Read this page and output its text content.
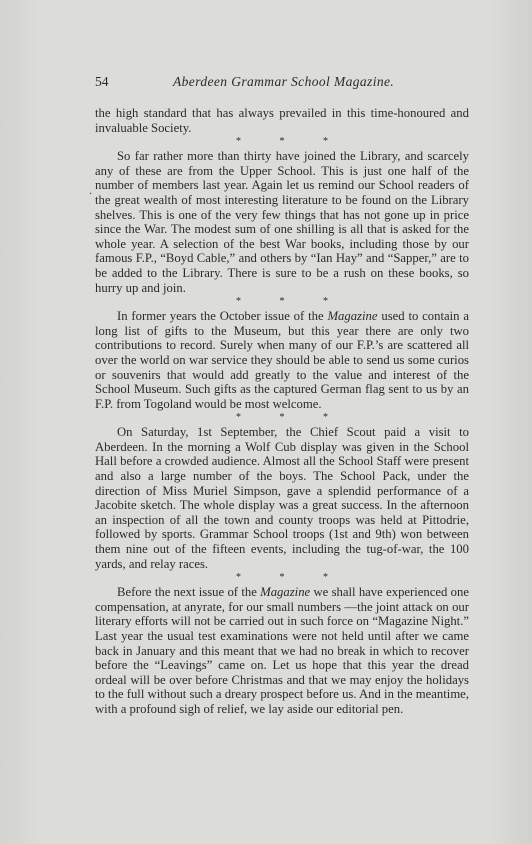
54	Aberdeen Grammar School Magazine.
.

the high standard that has always prevailed in this time-honoured and invaluable Society.

* * *

So far rather more than thirty have joined the Library, and scarcely any of these are from the Upper School. This is just one half of the number of members last year. Again let us remind our School readers of the great wealth of most interesting literature to be found on the Library shelves. This is one of the very few things that has not gone up in price since the War. The modest sum of one shilling is all that is asked for the whole year. A selection of the best War books, including those by our famous F.P., “Boyd Cable,” and others by “Ian Hay” and “Sapper,” are to be added to the Library. There is sure to be a rush on these books, so hurry up and join.

* * *

In former years the October issue of the Magazine used to contain a long list of gifts to the Museum, but this year there are only two contributions to record. Surely when many of our F.P.’s are scattered all over the world on war service they should be able to send us some curios or souvenirs that would add greatly to the value and interest of the School Museum. Such gifts as the captured German flag sent to us by an F.P. from Togoland would be most welcome.

* * *

On Saturday, 1st September, the Chief Scout paid a visit to Aberdeen. In the morning a Wolf Cub display was given in the School Hall before a crowded audience. Almost all the School Staff were present and also a large number of the boys. The School Pack, under the direction of Miss Muriel Simpson, gave a splendid performance of a Jacobite sketch. The whole display was a great success. In the afternoon an inspection of all the town and county troops was held at Pittodrie, followed by sports. Grammar School troops (1st and 9th) won between them nine out of the fifteen events, including the tug-of-war, the 100 yards, and relay races.

* * *

Before the next issue of the Magazine we shall have experienced one compensation, at anyrate, for our small numbers —the joint attack on our literary efforts will not be carried out in such force on “Magazine Night.” Last year the usual test examinations were not held until after we came back in January and this meant that we had no break in which to recover before the “Leavings” came on. Let us hope that this year the dread ordeal will be over before Christmas and that we may enjoy the holidays to the full without such a dreary prospect before us. And in the meantime, with a profound sigh of relief, we lay aside our editorial pen.
